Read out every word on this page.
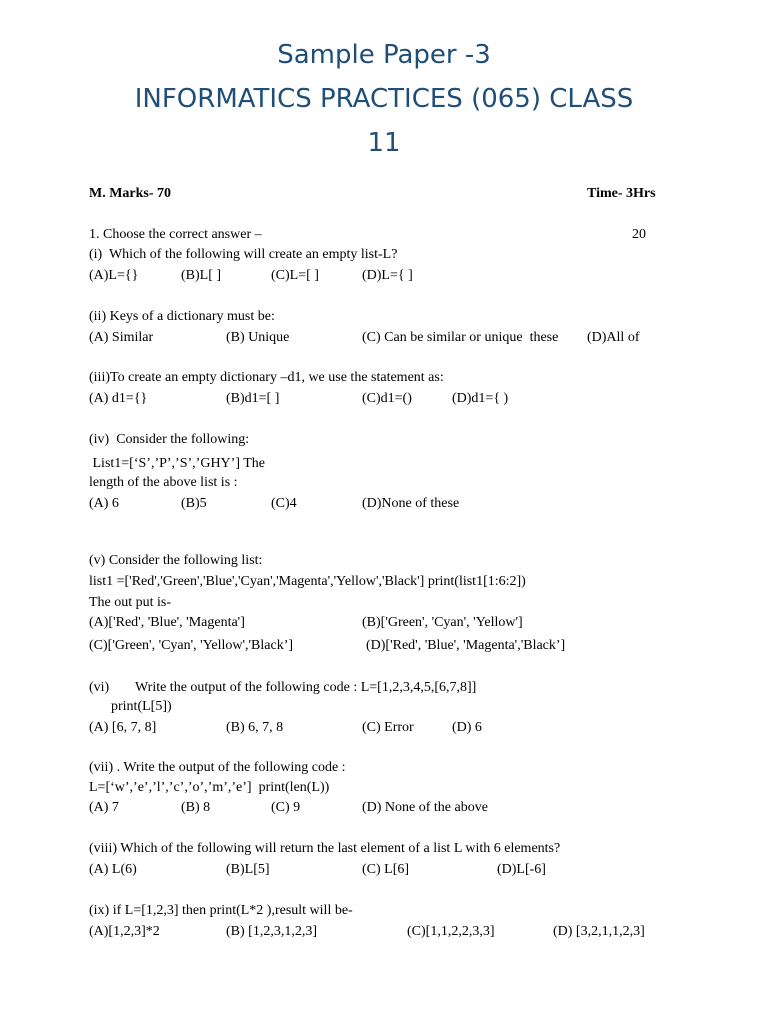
Sample Paper -3
INFORMATICS PRACTICES (065) CLASS
11
M. Marks- 70	Time- 3Hrs
1. Choose the correct answer –	20
(i)  Which of the following will create an empty list-L?
(A)L={}	(B)L[ ]	(C)L=[ ]	(D)L={ ]
(ii) Keys of a dictionary must be:
(A) Similar	(B) Unique	(C) Can be similar or unique  these (D)All of
(iii)To create an empty dictionary –d1, we use the statement as:
(A) d1={}	(B)d1=[ ]	(C)d1=()	(D)d1={ )
(iv)  Consider the following:
List1=[‘S’,’P’,’S’,’GHY’] The
length of the above list is :
(A) 6	(B)5	(C)4	(D)None of these
(v) Consider the following list:
list1 =['Red','Green','Blue','Cyan','Magenta','Yellow','Black'] print(list1[1:6:2])
The out put is-
(A)['Red', 'Blue', 'Magenta']	(B)['Green', 'Cyan', 'Yellow']
(C)['Green', 'Cyan', 'Yellow','Black’]	(D)['Red', 'Blue', 'Magenta','Black’]
(vi) Write the output of the following code : L=[1,2,3,4,5,[6,7,8]]
print(L[5])
(A) [6, 7, 8]	(B) 6, 7, 8	(C) Error	(D) 6
(vii) . Write the output of the following code :
L=[‘w’,’e’,’l’,’c’,’o’,’m’,’e’]  print(len(L))
(A) 7	(B) 8	(C) 9	(D) None of the above
(viii) Which of the following will return the last element of a list L with 6 elements?
(A) L(6)	(B)L[5]	(C) L[6]	(D)L[-6]
(ix) if L=[1,2,3] then print(L*2 ),result will be-
(A)[1,2,3]*2	(B) [1,2,3,1,2,3]	(C)[1,1,2,2,3,3]	(D) [3,2,1,1,2,3]
